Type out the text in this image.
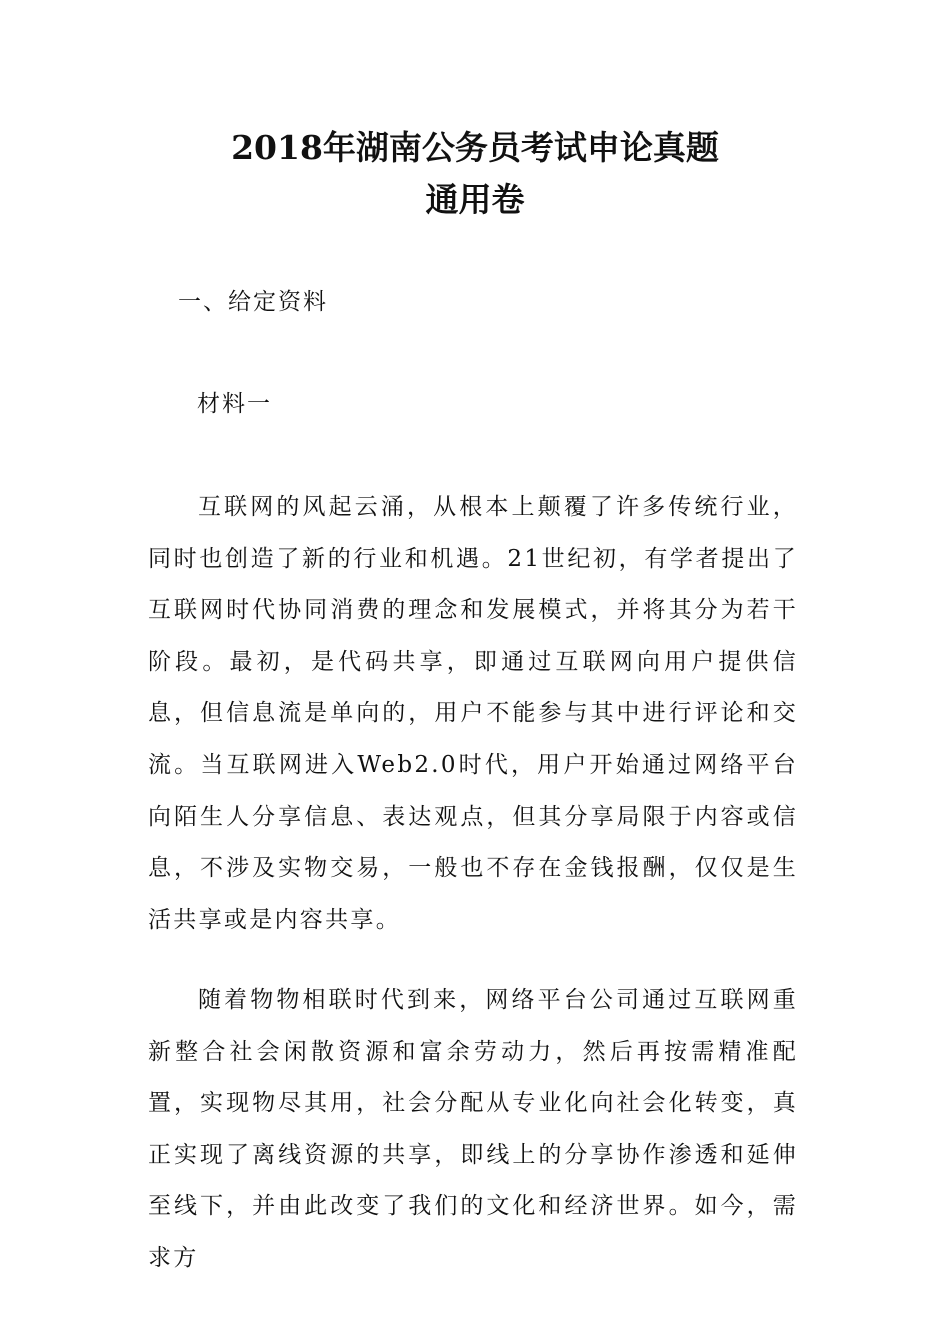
2018年湖南公务员考试申论真题
通用卷
一、给定资料
材料一

互联网的风起云涌，从根本上颠覆了许多传统行业，同时也创造了新的行业和机遇。21世纪初，有学者提出了互联网时代协同消费的理念和发展模式，并将其分为若干阶段。最初，是代码共享，即通过互联网向用户提供信息，但信息流是单向的，用户不能参与其中进行评论和交流。当互联网进入Web2.0时代，用户开始通过网络平台向陌生人分享信息、表达观点，但其分享局限于内容或信息，不涉及实物交易，一般也不存在金钱报酬，仅仅是生活共享或是内容共享。

随着物物相联时代到来，网络平台公司通过互联网重新整合社会闲散资源和富余劳动力，然后再按需精准配置，实现物尽其用，社会分配从专业化向社会化转变，真正实现了离线资源的共享，即线上的分享协作渗透和延伸至线下，并由此改变了我们的文化和经济世界。如今，需求方
